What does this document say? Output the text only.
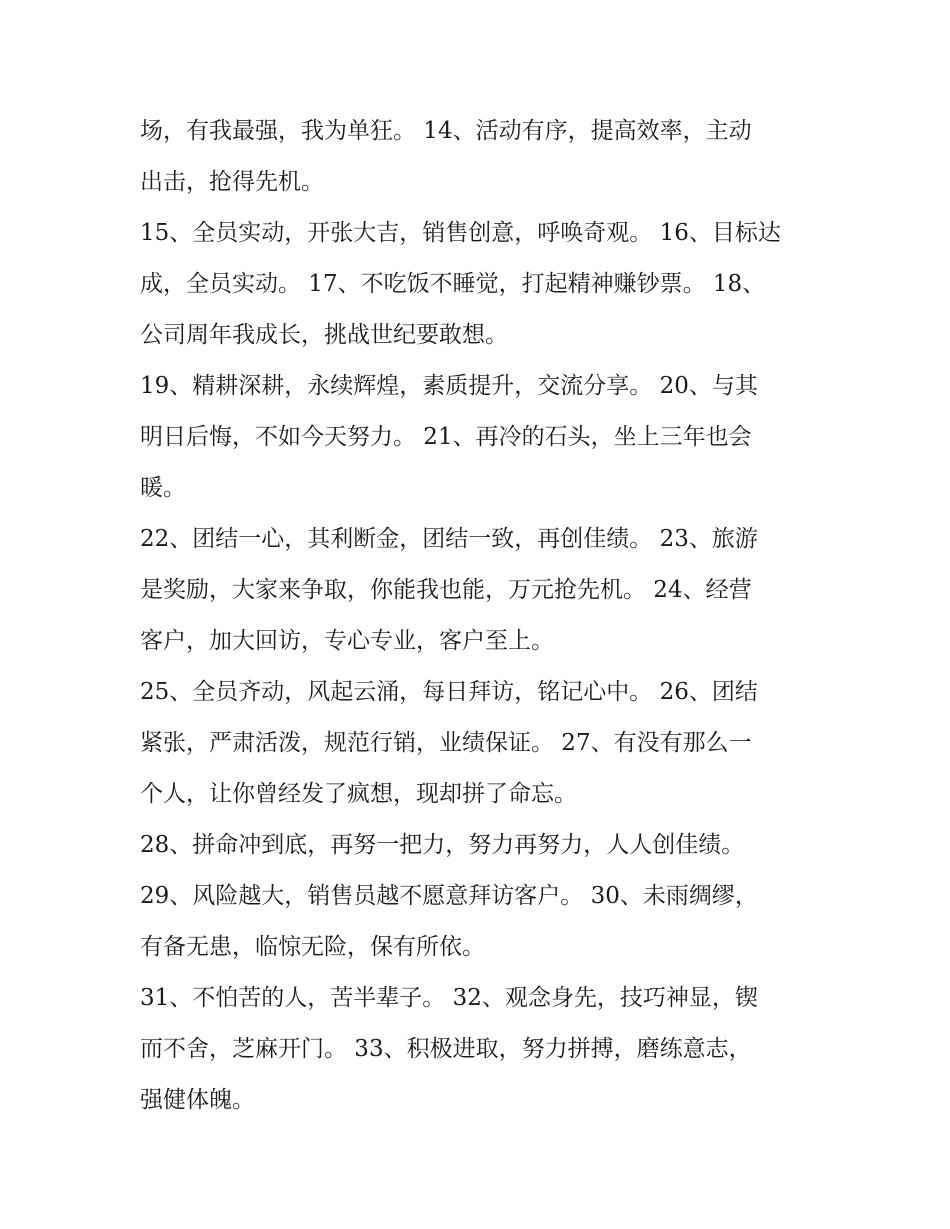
场，有我最强，我为单狂。 14、活动有序，提高效率，主动
出击，抢得先机。
15、全员实动，开张大吉，销售创意，呼唤奇观。 16、目标达
成，全员实动。 17、不吃饭不睡觉，打起精神赚钞票。 18、
公司周年我成长，挑战世纪要敢想。
19、精耕深耕，永续辉煌，素质提升，交流分享。 20、与其
明日后悔，不如今天努力。 21、再冷的石头，坐上三年也会
暖。
22、团结一心，其利断金，团结一致，再创佳绩。 23、旅游
是奖励，大家来争取，你能我也能，万元抢先机。 24、经营
客户，加大回访，专心专业，客户至上。
25、全员齐动，风起云涌，每日拜访，铭记心中。 26、团结
紧张，严肃活泼，规范行销，业绩保证。 27、有没有那么一
个人，让你曾经发了疯想，现却拼了命忘。
28、拼命冲到底，再努一把力，努力再努力，人人创佳绩。
29、风险越大，销售员越不愿意拜访客户。 30、未雨绸缪，
有备无患，临惊无险，保有所依。
31、不怕苦的人，苦半辈子。 32、观念身先，技巧神显，锲
而不舍，芝麻开门。 33、积极进取，努力拼搏，磨练意志，
强健体魄。
